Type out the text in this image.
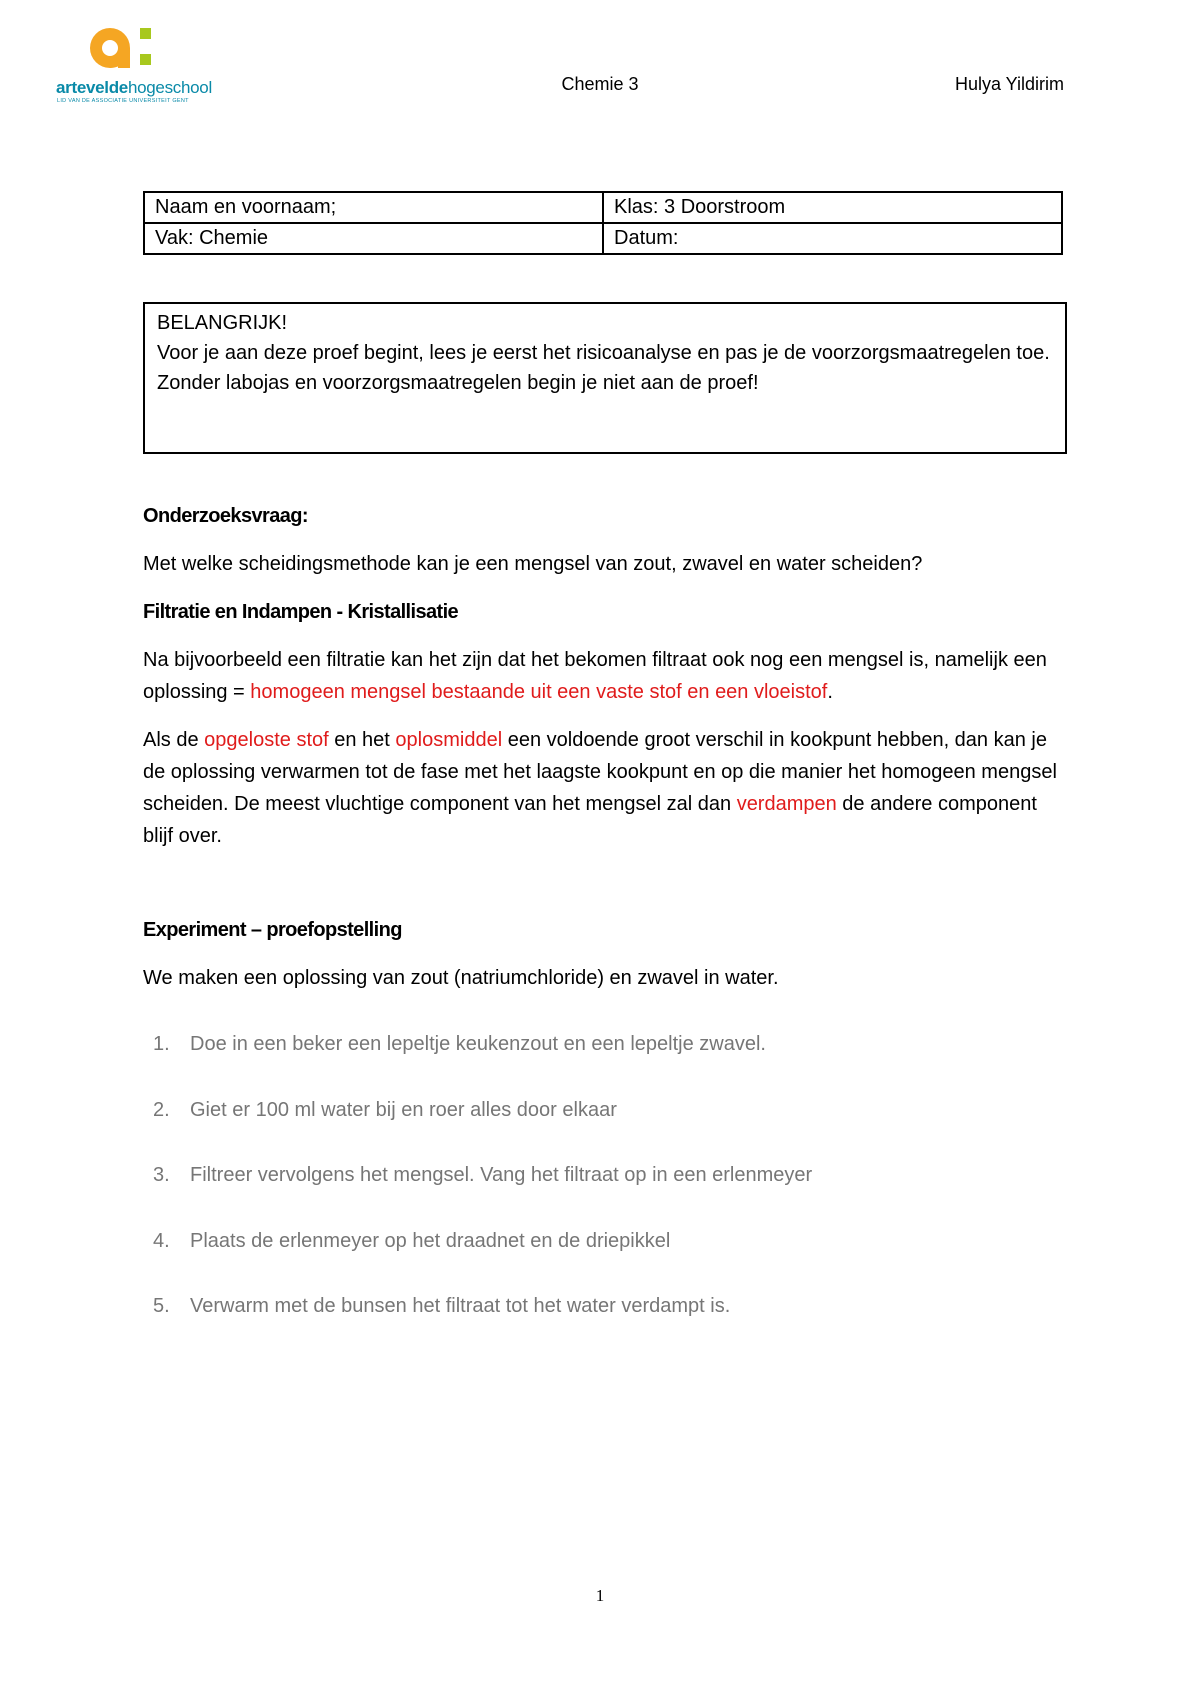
arteveldehogeschool
LID VAN DE ASSOCIATIE UNIVERSITEIT GENT
Chemie 3	Hulya Yildirim
Naam en voornaam;	Klas: 3 Doorstroom
Vak: Chemie	Datum:
BELANGRIJK!
Voor je aan deze proef begint, lees je eerst het risicoanalyse en pas je de voorzorgsmaatregelen toe. Zonder labojas en voorzorgsmaatregelen begin je niet aan de proef!
Onderzoeksvraag:

Met welke scheidingsmethode kan je een mengsel van zout, zwavel en water scheiden?

Filtratie en Indampen - Kristallisatie

Na bijvoorbeeld een filtratie kan het zijn dat het bekomen filtraat ook nog een mengsel is, namelijk een oplossing = homogeen mengsel bestaande uit een vaste stof en een vloeistof.

Als de opgeloste stof en het oplosmiddel een voldoende groot verschil in kookpunt hebben, dan kan je de oplossing verwarmen tot de fase met het laagste kookpunt en op die manier het homogeen mengsel scheiden. De meest vluchtige component van het mengsel zal dan verdampen de andere component blijf over.

Experiment – proefopstelling

We maken een oplossing van zout (natriumchloride) en zwavel in water.

1. Doe in een beker een lepeltje keukenzout en een lepeltje zwavel.
2. Giet er 100 ml water bij en roer alles door elkaar
3. Filtreer vervolgens het mengsel. Vang het filtraat op in een erlenmeyer
4. Plaats de erlenmeyer op het draadnet en de driepikkel
5. Verwarm met de bunsen het filtraat tot het water verdampt is.
1
